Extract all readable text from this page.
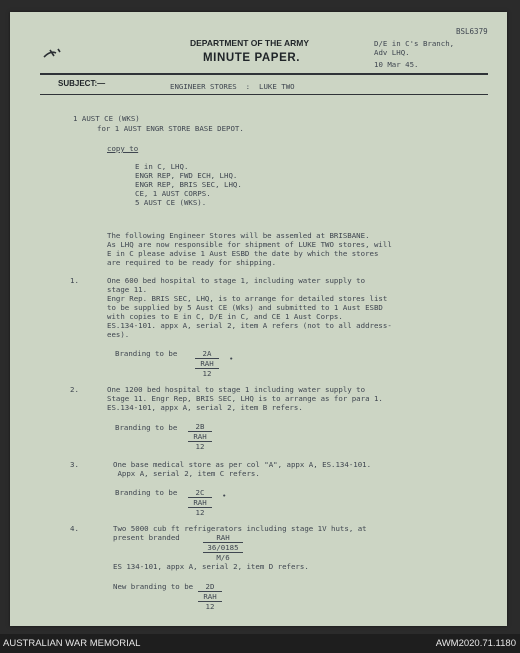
DEPARTMENT OF THE ARMY
MINUTE PAPER.
BSL6379
D/E in C's Branch,
Adv LHQ.
10 Mar 45.
SUBJECT:—	ENGINEER STORES  :  LUKE TWO
1 AUST CE (WKS)
for 1 AUST ENGR STORE BASE DEPOT.
copy to
E in C, LHQ.
ENGR REP, FWD ECH, LHQ.
ENGR REP, BRIS SEC, LHQ.
CE, 1 AUST CORPS.
5 AUST CE (WKS).
The following Engineer Stores will be assemled at BRISBANE.
As LHQ are now responsible for shipment of LUKE TWO stores, will
E in C please advise 1 Aust ESBD the date by which the stores
are required to be ready for shipping.
1.	One 600 bed hospital to stage 1, including water supply to
stage 11.
Engr Rep. BRIS SEC, LHQ, is to arrange for detailed stores list
to be supplied by 5 Aust CE (Wks) and submitted to 1 Aust ESBD
with copies to E in C, D/E in C, and CE 1 Aust Corps.
ES.134-101. appx A, serial 2, item A refers (not to all address-
ees).
Branding to be	2A
RAH
12
•
2.	One 1200 bed hospital to stage 1 including water supply to
Stage 11. Engr Rep, BRIS SEC, LHQ is to arrange as for para 1.
ES.134-101, appx A, serial 2, item B refers.
Branding to be	2B
RAH
12
3.	One base medical store as per col "A", appx A, ES.134-101.
Appx A, serial 2, item C refers.
Branding to be	2C
RAH
12
•
4.	Two 5000 cub ft refrigerators including stage 1V huts, at
present branded	RAH
36/0185
M/6
ES 134-101, appx A, serial 2, item D refers.
New branding to be	2D
RAH
12
AUSTRALIAN WAR MEMORIAL	AWM2020.71.1180
